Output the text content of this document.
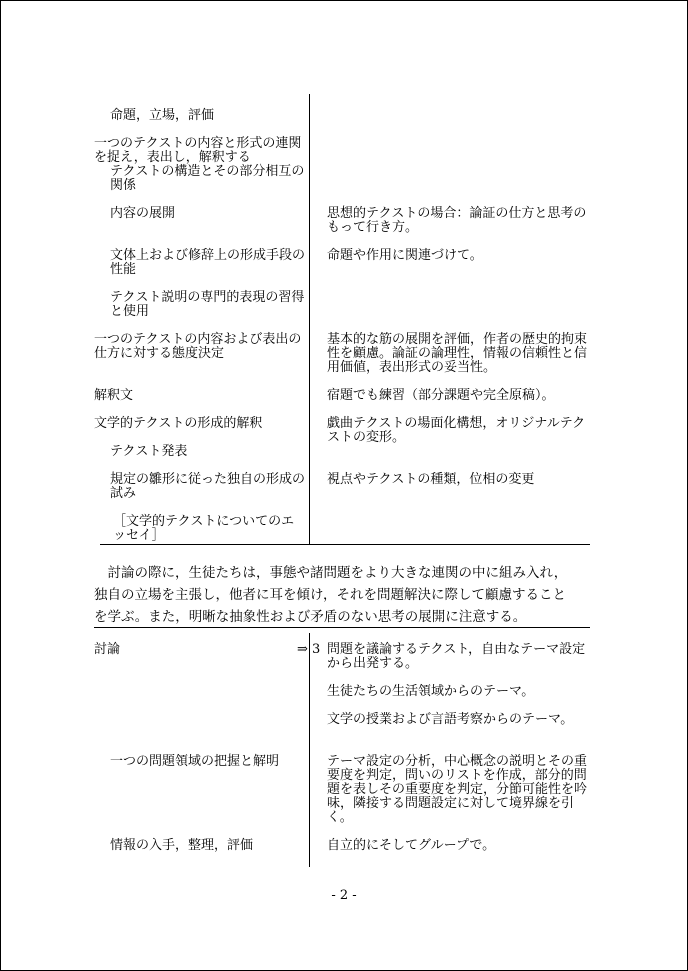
命題，立場，評価
一つのテクストの内容と形式の連関を捉え，表出し，解釈する
テクストの構造とその部分相互の関係
内容の展開
文体上および修辞上の形成手段の性能
テクスト説明の専門的表現の習得と使用
一つのテクストの内容および表出の仕方に対する態度決定
解釈文
文学的テクストの形成的解釈
テクスト発表
規定の雛形に従った独自の形成の試み
［文学的テクストについてのエッセイ］
思想的テクストの場合：論証の仕方と思考のもって行き方。
命題や作用に関連づけて。
基本的な筋の展開を評価，作者の歴史的拘束性を顧慮。論証の論理性，情報の信頼性と信用価値，表出形式の妥当性。
宿題でも練習（部分課題や完全原稿）。
戯曲テクストの場面化構想，オリジナルテクストの変形。
視点やテクストの種類，位相の変更
討論の際に，生徒たちは，事態や諸問題をより大きな連関の中に組み入れ，
独自の立場を主張し，他者に耳を傾け，それを問題解決に際して顧慮すること
を学ぶ。また，明晰な抽象性および矛盾のない思考の展開に注意する。
討論
一つの問題領域の把握と解明
情報の入手，整理，評価
⇒ 3 問題を議論するテクスト，自由なテーマ設定から出発する。
生徒たちの生活領域からのテーマ。
文学の授業および言語考察からのテーマ。
テーマ設定の分析，中心概念の説明とその重要度を判定，問いのリストを作成，部分的問題を表しその重要度を判定，分節可能性を吟味，隣接する問題設定に対して境界線を引く。
自立的にそしてグループで。
- 2 -
